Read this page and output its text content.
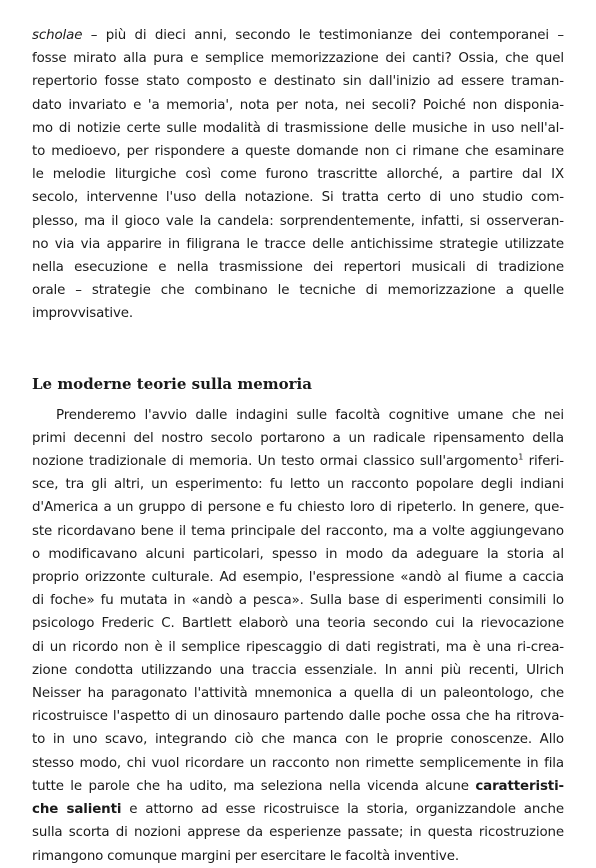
scholae – più di dieci anni, secondo le testimonianze dei contemporanei –
fosse mirato alla pura e semplice memorizzazione dei canti? Ossia, che quel
repertorio fosse stato composto e destinato sin dall'inizio ad essere traman-
dato invariato e 'a memoria', nota per nota, nei secoli? Poiché non disponia-
mo di notizie certe sulle modalità di trasmissione delle musiche in uso nell'al-
to medioevo, per rispondere a queste domande non ci rimane che esaminare
le melodie liturgiche così come furono trascritte allorché, a partire dal IX
secolo, intervenne l'uso della notazione. Si tratta certo di uno studio com-
plesso, ma il gioco vale la candela: sorprendentemente, infatti, si osserveran-
no via via apparire in filigrana le tracce delle antichissime strategie utilizzate
nella esecuzione e nella trasmissione dei repertori musicali di tradizione
orale – strategie che combinano le tecniche di memorizzazione a quelle
improvvisative.

Le moderne teorie sulla memoria

Prenderemo l'avvio dalle indagini sulle facoltà cognitive umane che nei
primi decenni del nostro secolo portarono a un radicale ripensamento della
nozione tradizionale di memoria. Un testo ormai classico sull'argomento$^1$ riferi-
sce, tra gli altri, un esperimento: fu letto un racconto popolare degli indiani
d'America a un gruppo di persone e fu chiesto loro di ripeterlo. In genere, que-
ste ricordavano bene il tema principale del racconto, ma a volte aggiungevano
o modificavano alcuni particolari, spesso in modo da adeguare la storia al
proprio orizzonte culturale. Ad esempio, l'espressione «andò al fiume a caccia
di foche» fu mutata in «andò a pesca». Sulla base di esperimenti consimili lo
psicologo Frederic C. Bartlett elaborò una teoria secondo cui la rievocazione
di un ricordo non è il semplice ripescaggio di dati registrati, ma è una ri-crea-
zione condotta utilizzando una traccia essenziale. In anni più recenti, Ulrich
Neisser ha paragonato l'attività mnemonica a quella di un paleontologo, che
ricostruisce l'aspetto di un dinosauro partendo dalle poche ossa che ha ritrova-
to in uno scavo, integrando ciò che manca con le proprie conoscenze. Allo
stesso modo, chi vuol ricordare un racconto non rimette semplicemente in fila
tutte le parole che ha udito, ma seleziona nella vicenda alcune caratteristi-
che salienti e attorno ad esse ricostruisce la storia, organizzandole anche
sulla scorta di nozioni apprese da esperienze passate; in questa ricostruzione
rimangono comunque margini per esercitare le facoltà inventive.
